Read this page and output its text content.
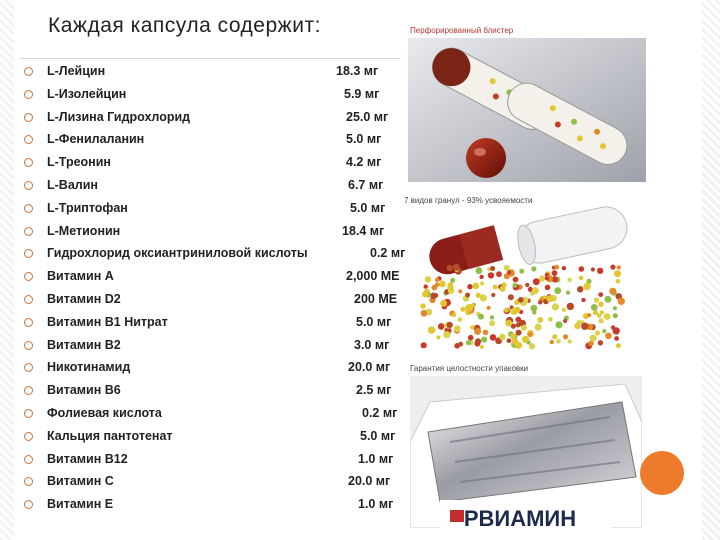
Каждая капсула содержит:
L-Лейцин	18.3 мг
L-Изолейцин	5.9 мг
L-Лизина Гидрохлорид	25.0 мг
L-Фенилаланин	5.0 мг
L-Треонин	4.2 мг
L-Валин	6.7 мг
L-Триптофан	5.0 мг
L-Метионин	18.4 мг
Гидрохлорид оксиантриниловой кислоты	0.2 мг
Витамин А	2,000 МЕ
Витамин D2	200 МЕ
Витамин В1 Нитрат	5.0 мг
Витамин В2	3.0 мг
Никотинамид	20.0 мг
Витамин В6	2.5 мг
Фолиевая кислота	0.2 мг
Кальция пантотенат	5.0 мг
Витамин В12	1.0 мг
Витамин С	20.0 мг
Витамин Е	1.0 мг
Перфорированный блистер
7 видов гранул - 93% усвояемости
РВИАМИН
Гарантия целостности упаковки
